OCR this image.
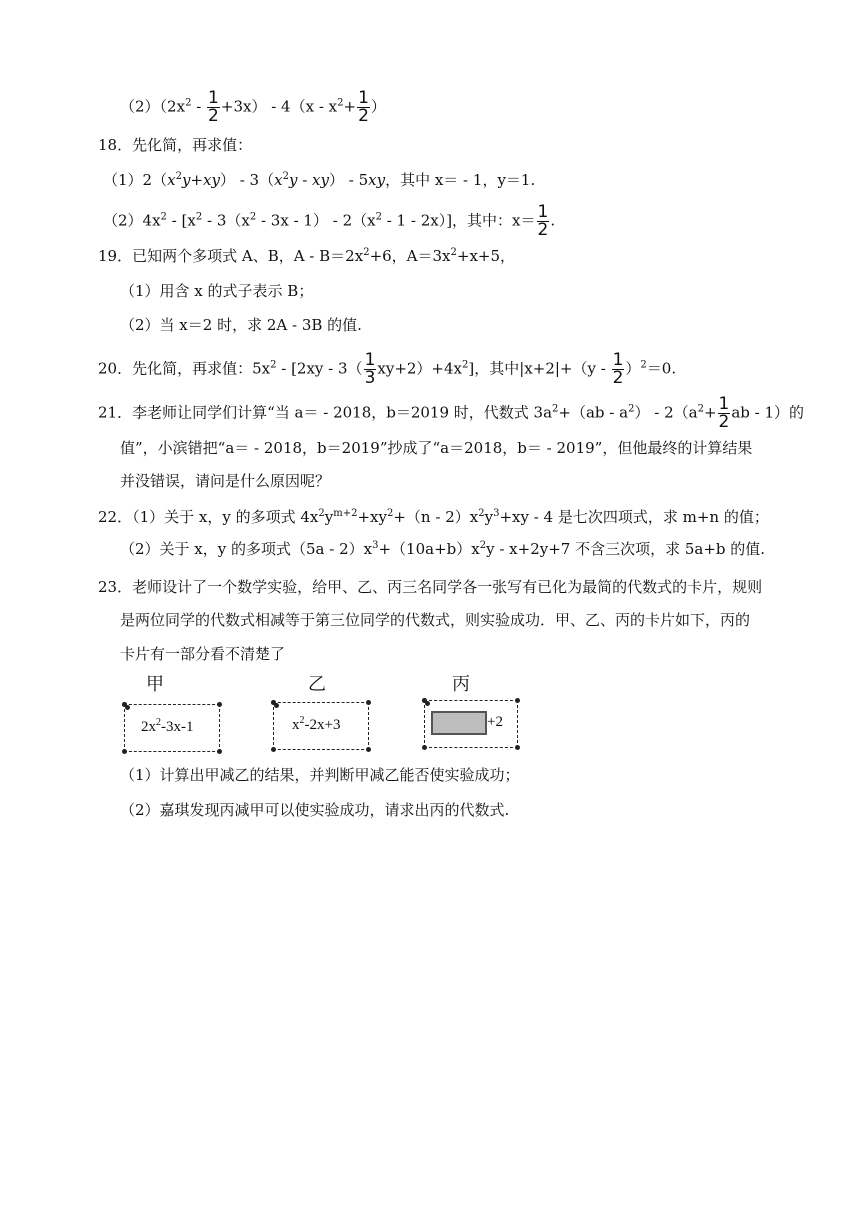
$(2)(2x^2 - \frac{1}{2} +3x) - 4(x - x^2+ \frac{1}{2}$ ）
18．先化简，再求值：
$(1)2(x^2y+xy) - 3(x^2y - xy) - 5xy$，其中 x＝ - 1，y＝1.
$(2)4x^2 - [x^2 - 3(x^2 - 3x - 1) - 2(x^2 - 1 - 2x)]$，其中：$x= \frac{1}{2}$ .
19．已知两个多项式 A、B，$A - B=2x^2+6$，$A=3x^2+x+5$，
（1）用含 x 的式子表示 B；
（2）当 x＝2 时，求 2A - 3B 的值.
20．先化简，再求值：$5x^2 - [2xy - 3( \frac{1}{3} xy+2)+4x^2]$，其中$|x+2|+(y - \frac{1}{2} )^2=0$.
21．李老师让同学们计算“当 a＝ - 2018，b＝2019 时，代数式 $3a^2+(ab - a^2) - 2(a^2+ \frac{1}{2}$ ab - 1）的
值”，小滨错把“a＝ - 2018，b＝2019”抄成了“a＝2018，b＝ - 2019”，但他最终的计算结果
并没错误，请问是什么原因呢？
22．（1）关于 x，y 的多项式 $4x^2y^{m+2}+xy^2+(n - 2)x^2y^3+xy - 4$ 是七次四项式，求 m+n 的值；
（2）关于 x，y 的多项式$(5a - 2)x^3+(10a+b)x^2y - x+2y+7$ 不含三次项，求 5a+b 的值.
23．老师设计了一个数学实验，给甲、乙、丙三名同学各一张写有已化为最简的代数式的卡片，规则
是两位同学的代数式相减等于第三位同学的代数式，则实验成功．甲、乙、丙的卡片如下，丙的
卡片有一部分看不清楚了
甲
$2x^2-3x-1$
乙
$x^2-2x+3$
丙
+2
（1）计算出甲减乙的结果，并判断甲减乙能否使实验成功；
（2）嘉琪发现丙减甲可以使实验成功，请求出丙的代数式.
